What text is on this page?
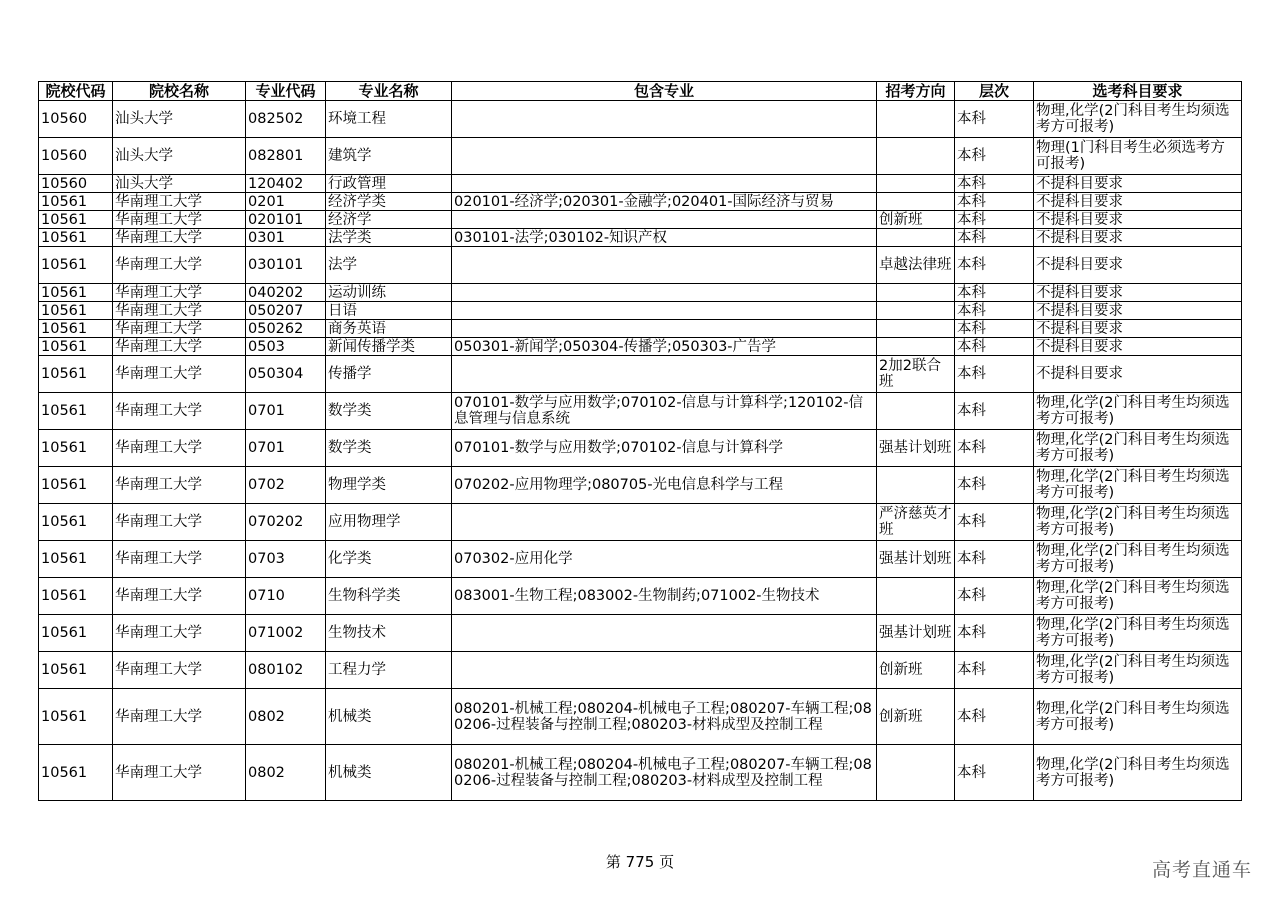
院校代码	院校名称	专业代码	专业名称	包含专业	招考方向	层次	选考科目要求
10560	汕头大学	082502	环境工程			本科	物理,化学(2门科目考生均须选考方可报考)
10560	汕头大学	082801	建筑学			本科	物理(1门科目考生必须选考方可报考)
10560	汕头大学	120402	行政管理			本科	不提科目要求
10561	华南理工大学	0201	经济学类	020101-经济学;020301-金融学;020401-国际经济与贸易		本科	不提科目要求
10561	华南理工大学	020101	经济学		创新班	本科	不提科目要求
10561	华南理工大学	0301	法学类	030101-法学;030102-知识产权		本科	不提科目要求
10561	华南理工大学	030101	法学		卓越法律班	本科	不提科目要求
10561	华南理工大学	040202	运动训练			本科	不提科目要求
10561	华南理工大学	050207	日语			本科	不提科目要求
10561	华南理工大学	050262	商务英语			本科	不提科目要求
10561	华南理工大学	0503	新闻传播学类	050301-新闻学;050304-传播学;050303-广告学		本科	不提科目要求
10561	华南理工大学	050304	传播学		2加2联合班	本科	不提科目要求
10561	华南理工大学	0701	数学类	070101-数学与应用数学;070102-信息与计算科学;120102-信息管理与信息系统		本科	物理,化学(2门科目考生均须选考方可报考)
10561	华南理工大学	0701	数学类	070101-数学与应用数学;070102-信息与计算科学	强基计划班	本科	物理,化学(2门科目考生均须选考方可报考)
10561	华南理工大学	0702	物理学类	070202-应用物理学;080705-光电信息科学与工程		本科	物理,化学(2门科目考生均须选考方可报考)
10561	华南理工大学	070202	应用物理学		严济慈英才班	本科	物理,化学(2门科目考生均须选考方可报考)
10561	华南理工大学	0703	化学类	070302-应用化学	强基计划班	本科	物理,化学(2门科目考生均须选考方可报考)
10561	华南理工大学	0710	生物科学类	083001-生物工程;083002-生物制药;071002-生物技术		本科	物理,化学(2门科目考生均须选考方可报考)
10561	华南理工大学	071002	生物技术		强基计划班	本科	物理,化学(2门科目考生均须选考方可报考)
10561	华南理工大学	080102	工程力学		创新班	本科	物理,化学(2门科目考生均须选考方可报考)
10561	华南理工大学	0802	机械类	080201-机械工程;080204-机械电子工程;080207-车辆工程;080206-过程装备与控制工程;080203-材料成型及控制工程	创新班	本科	物理,化学(2门科目考生均须选考方可报考)
10561	华南理工大学	0802	机械类	080201-机械工程;080204-机械电子工程;080207-车辆工程;080206-过程装备与控制工程;080203-材料成型及控制工程		本科	物理,化学(2门科目考生均须选考方可报考)
第 775 页	高考直通车
